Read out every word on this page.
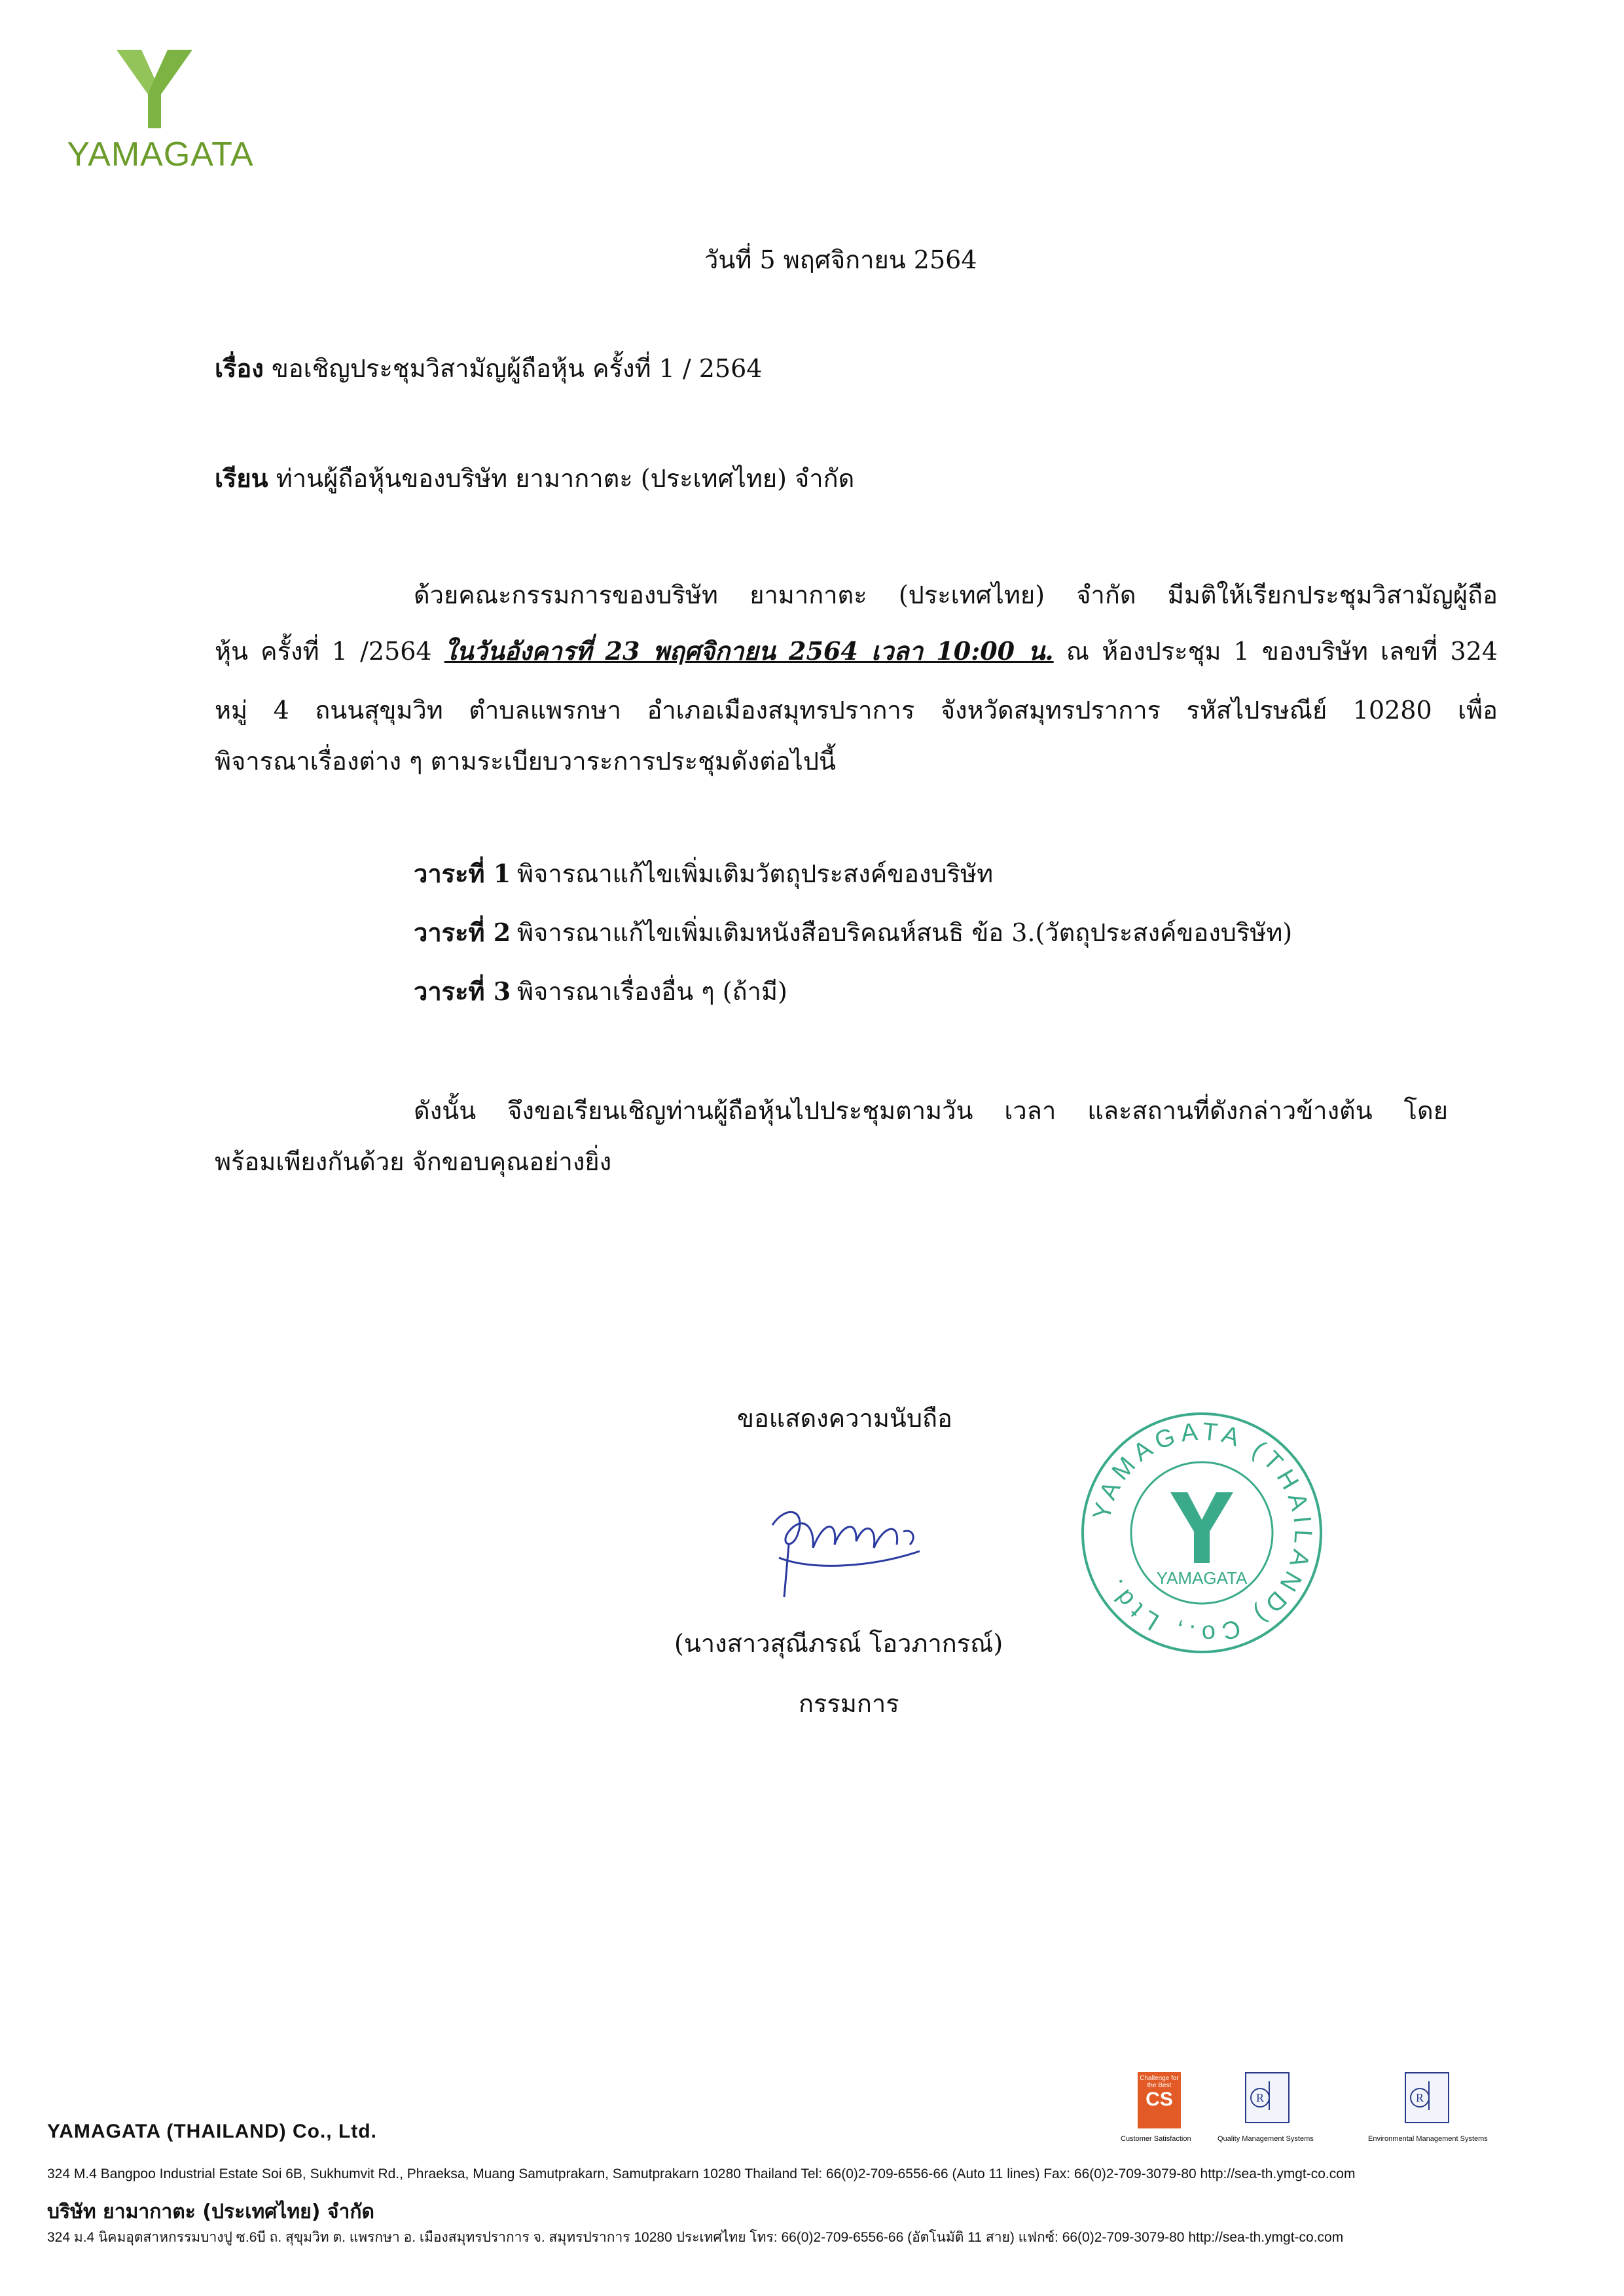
YAMAGATA
วันที่ 5 พฤศจิกายน 2564
เรื่อง ขอเชิญประชุมวิสามัญผู้ถือหุ้น ครั้งที่ 1 / 2564
เรียน ท่านผู้ถือหุ้นของบริษัท ยามากาตะ (ประเทศไทย) จำกัด
ด้วยคณะกรรมการของบริษัท ยามากาตะ (ประเทศไทย) จำกัด มีมติให้เรียกประชุมวิสามัญผู้ถือ
หุ้น ครั้งที่ 1 /2564 ในวันอังคารที่ 23 พฤศจิกายน 2564 เวลา 10:00 น. ณ ห้องประชุม 1 ของบริษัท เลขที่ 324
หมู่ 4 ถนนสุขุมวิท ตำบลแพรกษา อำเภอเมืองสมุทรปราการ จังหวัดสมุทรปราการ รหัสไปรษณีย์ 10280 เพื่อ
พิจารณาเรื่องต่าง ๆ ตามระเบียบวาระการประชุมดังต่อไปนี้
วาระที่ 1 พิจารณาแก้ไขเพิ่มเติมวัตถุประสงค์ของบริษัท
วาระที่ 2 พิจารณาแก้ไขเพิ่มเติมหนังสือบริคณห์สนธิ ข้อ 3.(วัตถุประสงค์ของบริษัท)
วาระที่ 3 พิจารณาเรื่องอื่น ๆ (ถ้ามี)
ดังนั้น จึงขอเรียนเชิญท่านผู้ถือหุ้นไปประชุมตามวัน เวลา และสถานที่ดังกล่าวข้างต้น โดย
พร้อมเพียงกันด้วย จักขอบคุณอย่างยิ่ง
ขอแสดงความนับถือ
(นางสาวสุณีภรณ์ โอวภากรณ์)
กรรมการ
YAMAGATA (THAILAND) Co., Ltd.	YAMAGATA
Challenge for the Best
CS	R	R
Customer Satisfaction	Quality Management Systems	Environmental Management Systems
YAMAGATA (THAILAND) Co., Ltd.
324 M.4 Bangpoo Industrial Estate Soi 6B, Sukhumvit Rd., Phraeksa, Muang Samutprakarn, Samutprakarn 10280 Thailand Tel: 66(0)2-709-6556-66 (Auto 11 lines) Fax: 66(0)2-709-3079-80 http://sea-th.ymgt-co.com
บริษัท ยามากาตะ (ประเทศไทย) จำกัด
324 ม.4 นิคมอุตสาหกรรมบางปู ซ.6บี ถ. สุขุมวิท ต. แพรกษา อ. เมืองสมุทรปราการ จ. สมุทรปราการ 10280 ประเทศไทย โทร: 66(0)2-709-6556-66 (อัตโนมัติ 11 สาย) แฟกซ์: 66(0)2-709-3079-80 http://sea-th.ymgt-co.com
